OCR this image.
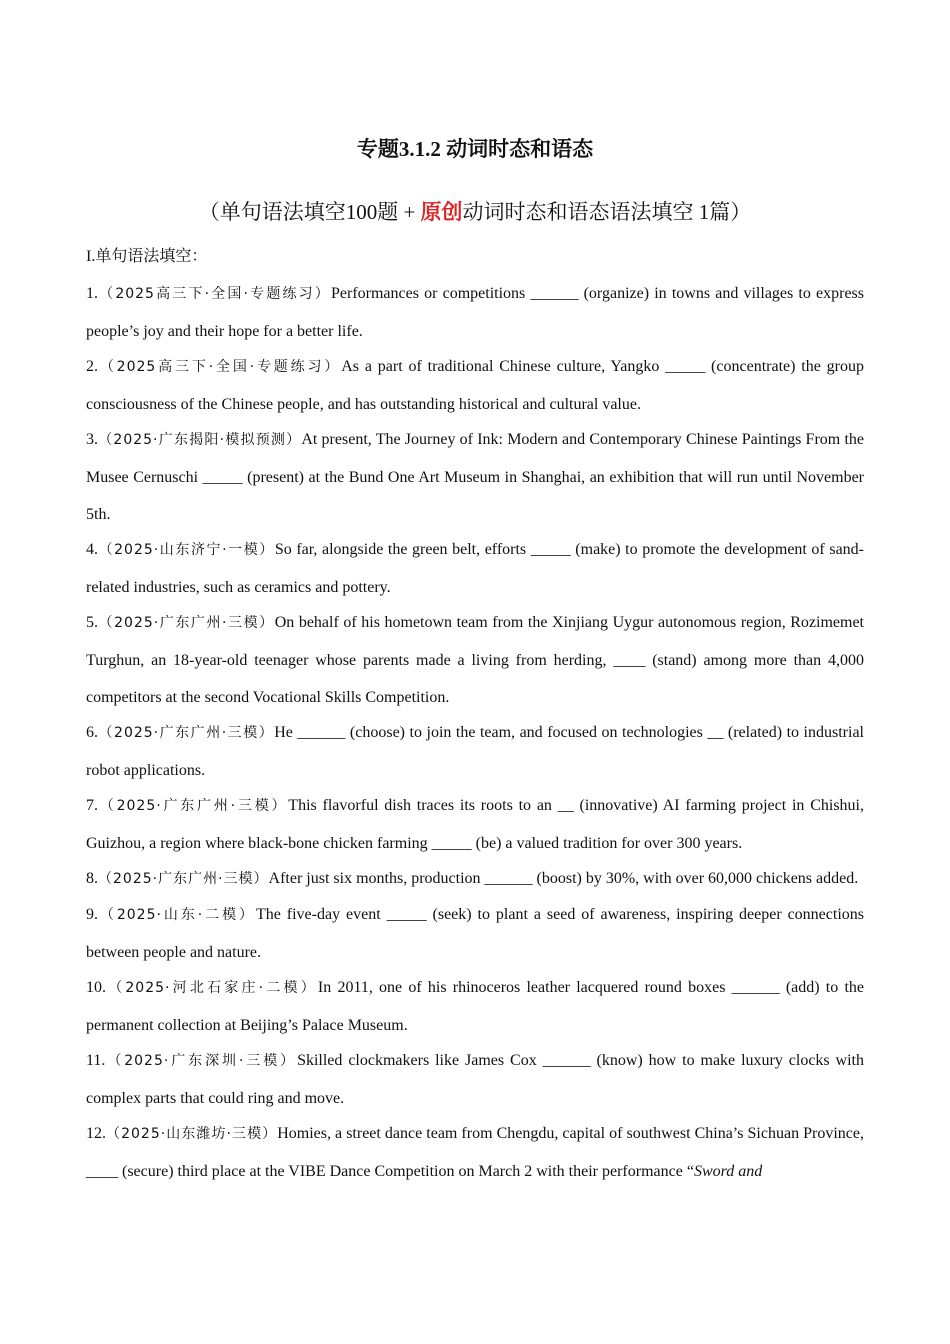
专题3.1.2 动词时态和语态

（单句语法填空100题 + 原创动词时态和语态语法填空 1篇）

I.单句语法填空：

1.（2025高三下·全国·专题练习）Performances or competitions ______ (organize) in towns and villages to express people’s joy and their hope for a better life.
2.（2025高三下·全国·专题练习）As a part of traditional Chinese culture, Yangko _____ (concentrate) the group consciousness of the Chinese people, and has outstanding historical and cultural value.
3.（2025·广东揭阳·模拟预测）At present, The Journey of Ink: Modern and Contemporary Chinese Paintings From the Musee Cernuschi _____ (present) at the Bund One Art Museum in Shanghai, an exhibition that will run until November 5th.
4.（2025·山东济宁·一模）So far, alongside the green belt, efforts _____ (make) to promote the development of sand-related industries, such as ceramics and pottery.
5.（2025·广东广州·三模）On behalf of his hometown team from the Xinjiang Uygur autonomous region, Rozimemet Turghun, an 18-year-old teenager whose parents made a living from herding, ____ (stand) among more than 4,000 competitors at the second Vocational Skills Competition.
6.（2025·广东广州·三模）He ______ (choose) to join the team, and focused on technologies __ (related) to industrial robot applications.
7.（2025·广东广州·三模）This flavorful dish traces its roots to an __ (innovative) AI farming project in Chishui, Guizhou, a region where black-bone chicken farming _____ (be) a valued tradition for over 300 years.
8.（2025·广东广州·三模）After just six months, production ______ (boost) by 30%, with over 60,000 chickens added.
9.（2025·山东·二模）The five-day event _____ (seek) to plant a seed of awareness, inspiring deeper connections between people and nature.
10.（2025·河北石家庄·二模）In 2011, one of his rhinoceros leather lacquered round boxes ______ (add) to the permanent collection at Beijing’s Palace Museum.
11.（2025·广东深圳·三模）Skilled clockmakers like James Cox ______ (know) how to make luxury clocks with complex parts that could ring and move.
12.（2025·山东潍坊·三模）Homies, a street dance team from Chengdu, capital of southwest China’s Sichuan Province, ____ (secure) third place at the VIBE Dance Competition on March 2 with their performance “Sword and
